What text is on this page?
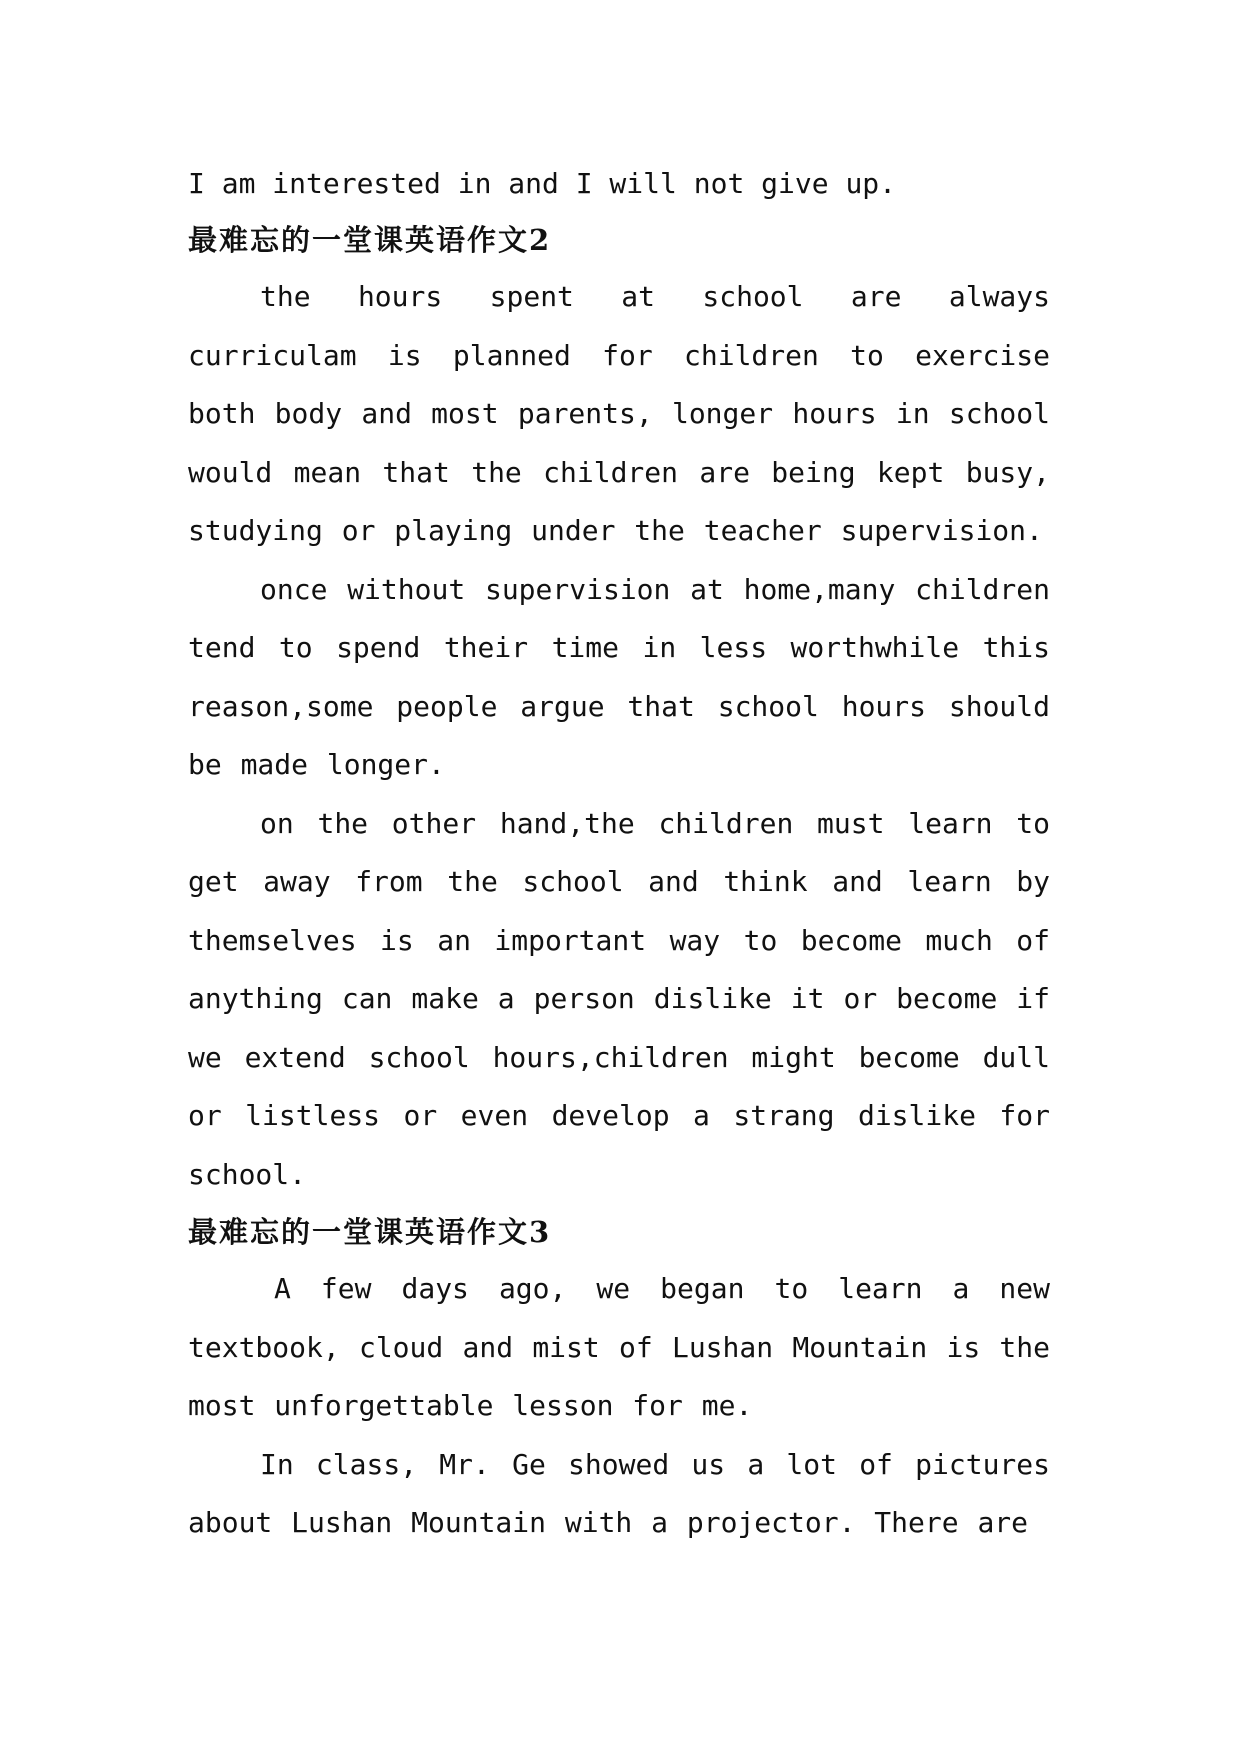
I am interested in and I will not give up.

最难忘的一堂课英语作文2

the hours spent at school are always curriculam is planned for children to exercise both body and most parents, longer hours in school would mean that the children are being kept busy, studying or playing under the teacher supervision.

once without supervision at home,many children tend to spend their time in less worthwhile this reason,some people argue that school hours should be made longer.

on the other hand,the children must learn to get away from the school and think and learn by themselves is an important way to become much of anything can make a person dislike it or become if we extend school hours,children might become dull or listless or even develop a strang dislike for school.

最难忘的一堂课英语作文3

A few days ago, we began to learn a new textbook, cloud and mist of Lushan Mountain is the most unforgettable lesson for me.

In class, Mr. Ge showed us a lot of pictures about Lushan Mountain with a projector. There are
